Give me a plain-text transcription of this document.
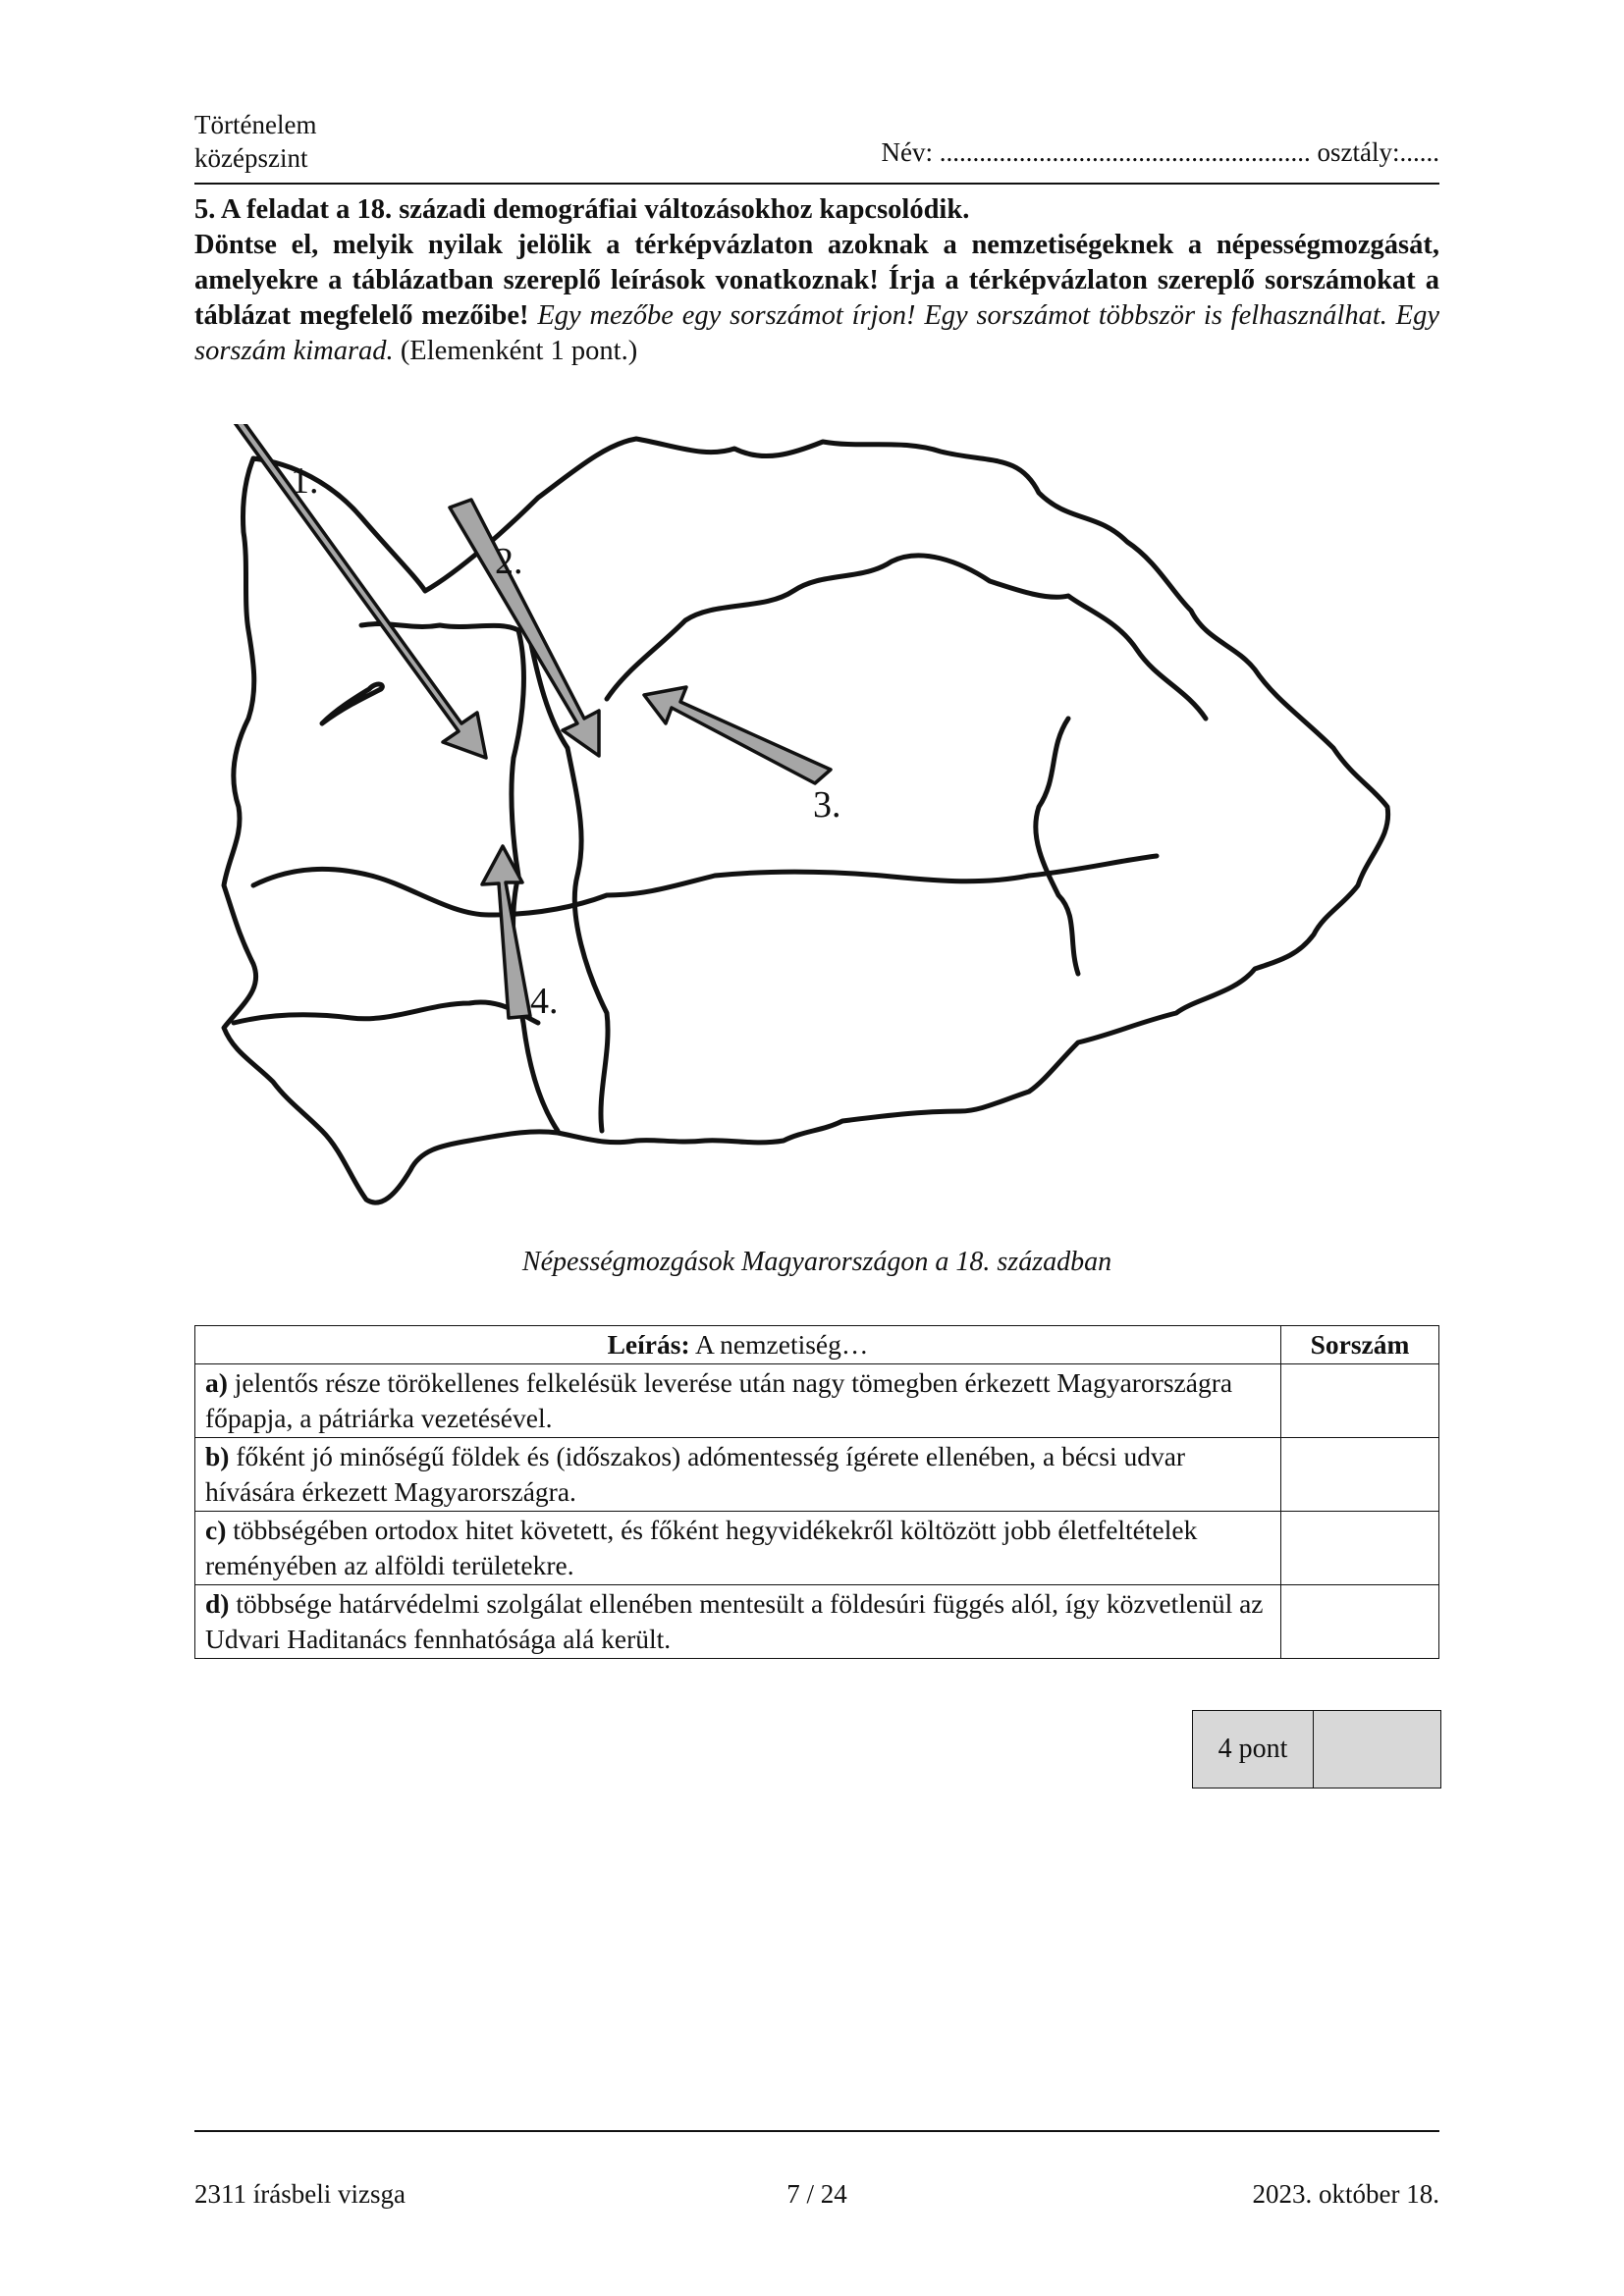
Történelem
középszint	Név: ........................................................ osztály:......
5. A feladat a 18. századi demográfiai változásokhoz kapcsolódik.
Döntse el, melyik nyilak jelölik a térképvázlaton azoknak a nemzetiségeknek a népességmozgását, amelyekre a táblázatban szereplő leírások vonatkoznak! Írja a térképvázlaton szereplő sorszámokat a táblázat megfelelő mezőibe! Egy mezőbe egy sorszámot írjon! Egy sorszámot többször is felhasználhat. Egy sorszám kimarad. (Elemenként 1 pont.)
1.
2.
3.
4.
Népességmozgások Magyarországon a 18. században
Leírás: A nemzetiség…	Sorszám
a) jelentős része törökellenes felkelésük leverése után nagy tömegben érkezett Magyarországra főpapja, a pátriárka vezetésével.	
b) főként jó minőségű földek és (időszakos) adómentesség ígérete ellenében, a bécsi udvar hívására érkezett Magyarországra.	
c) többségében ortodox hitet követett, és főként hegyvidékekről költözött jobb életfeltételek reményében az alföldi területekre.	
d) többsége határvédelmi szolgálat ellenében mentesült a földesúri függés alól, így közvetlenül az Udvari Haditanács fennhatósága alá került.	
4 pont
2311 írásbeli vizsga	7 / 24	2023. október 18.
